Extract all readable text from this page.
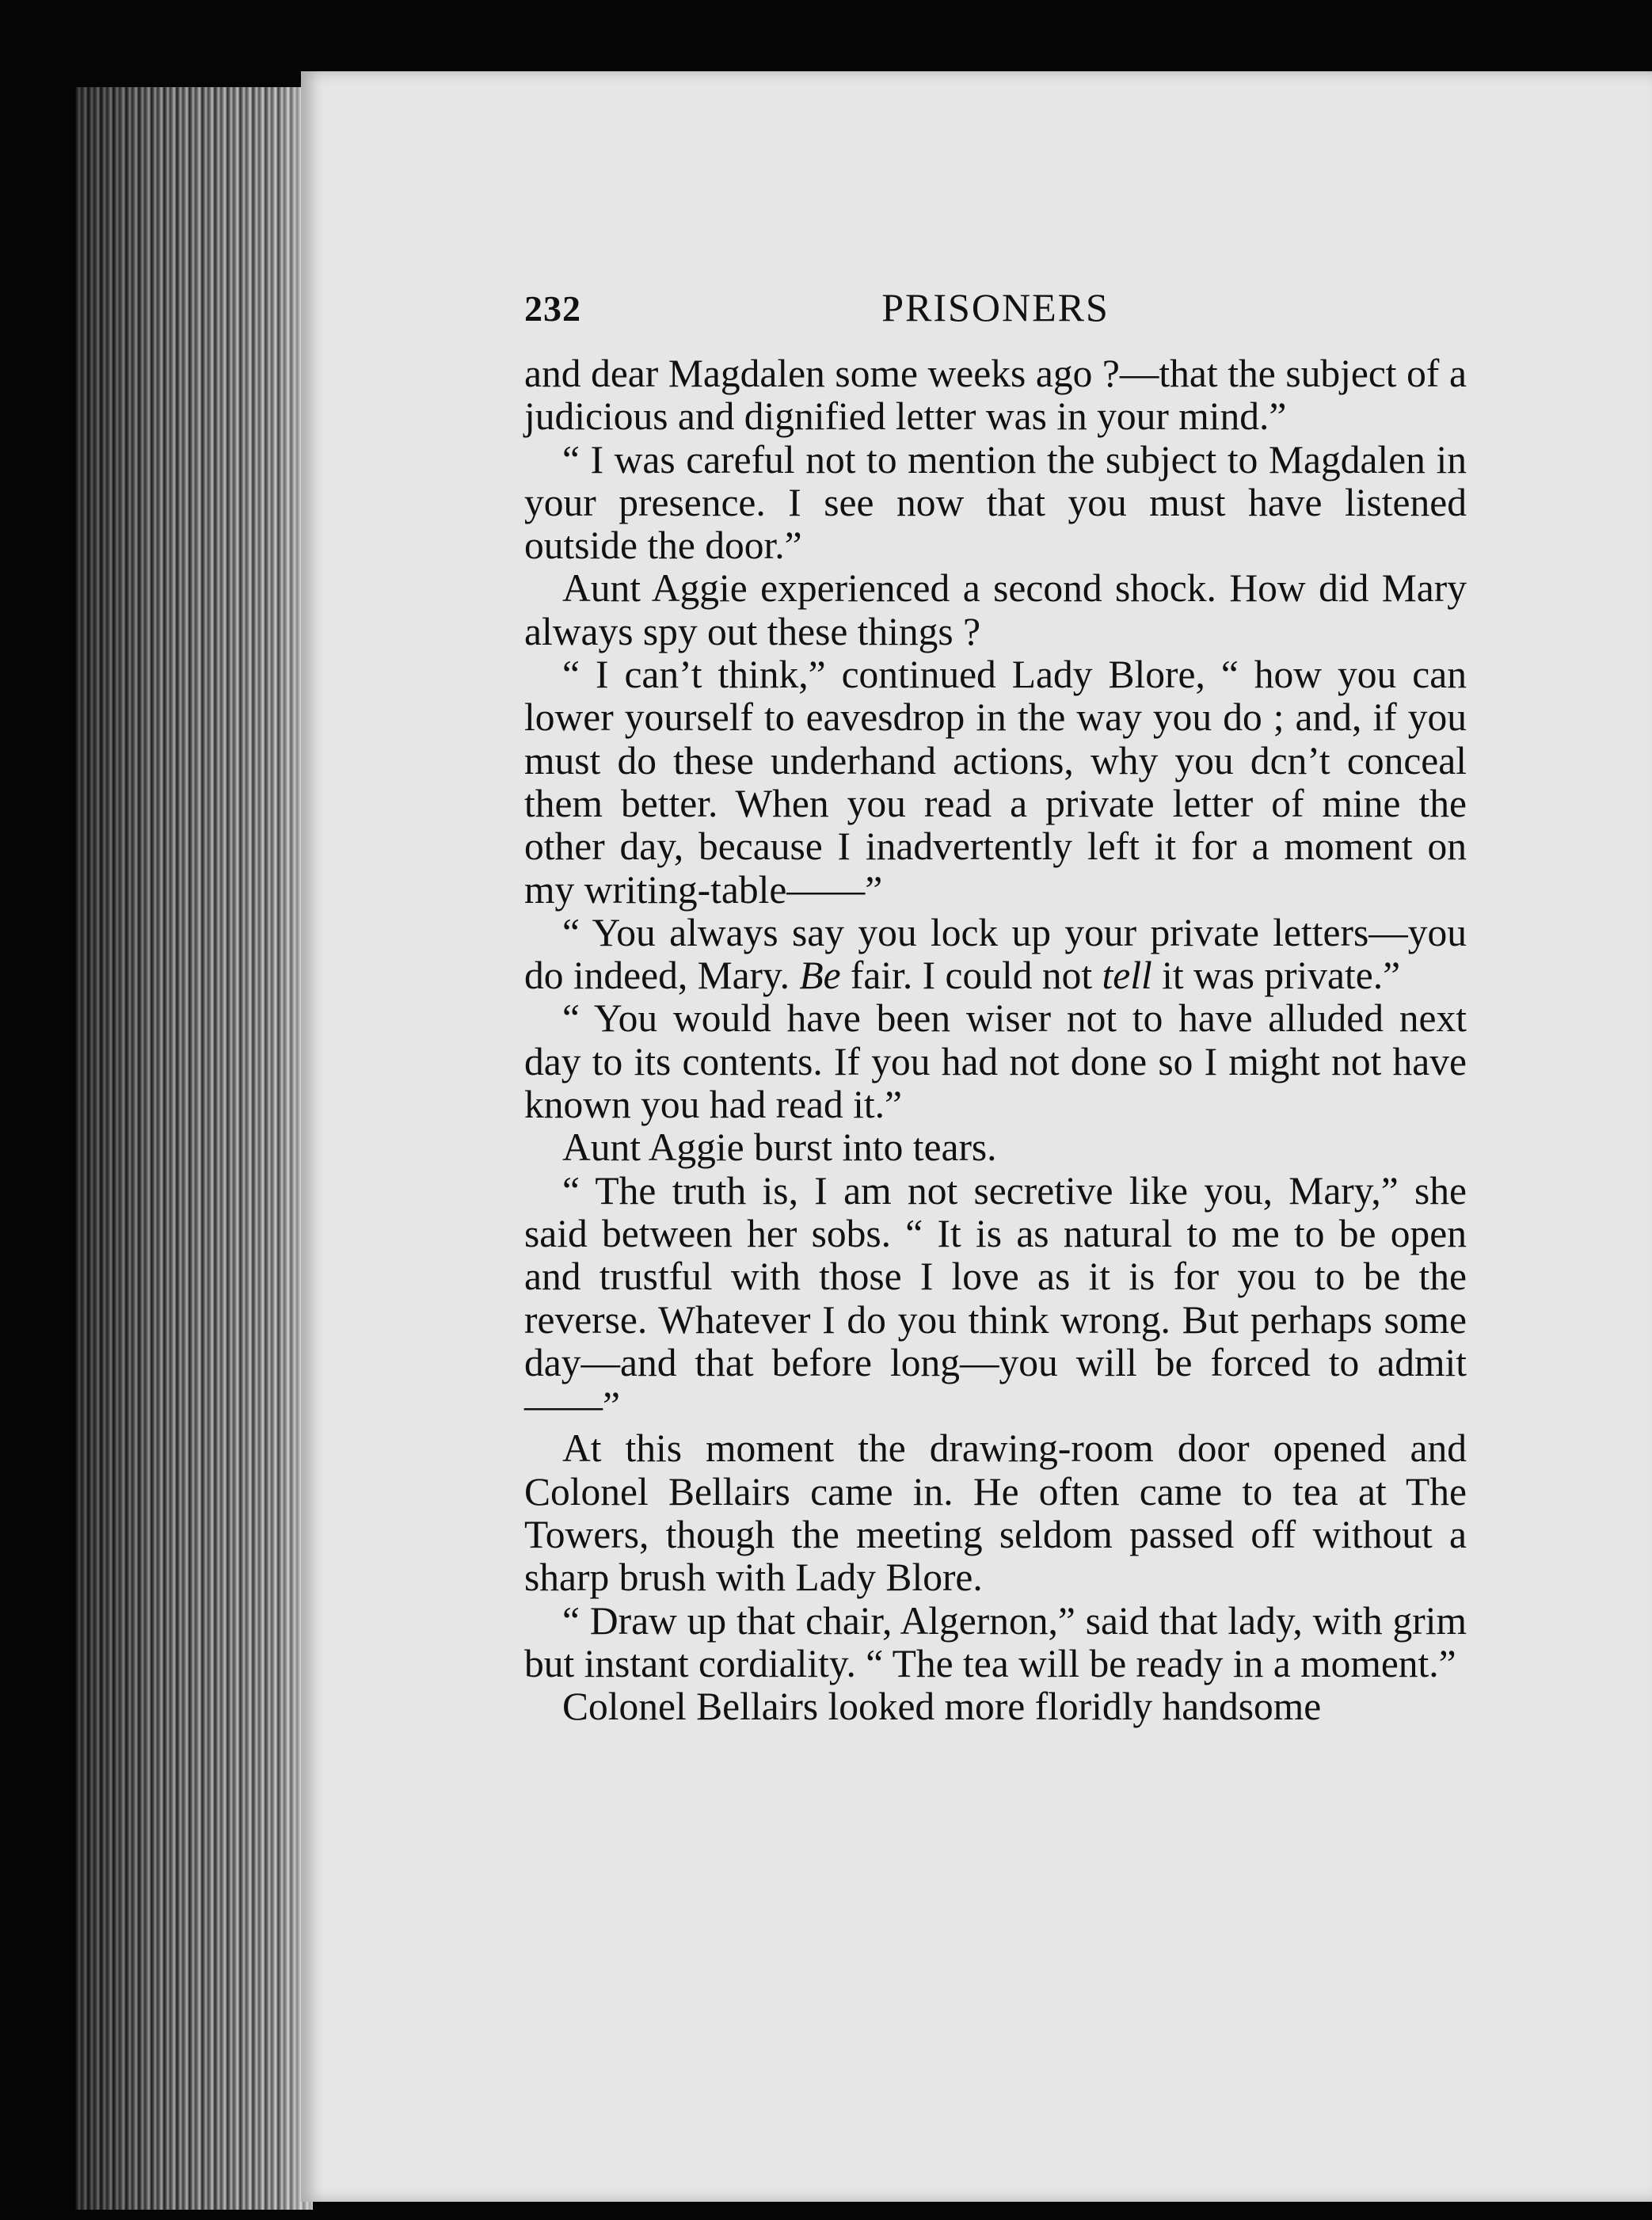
232	PRISONERS

and dear Magdalen some weeks ago ?—that the subject of a judicious and dignified letter was in your mind.”

“ I was careful not to mention the subject to Magdalen in your presence. I see now that you must have listened outside the door.”

Aunt Aggie experienced a second shock. How did Mary always spy out these things ?

“ I can’t think,” continued Lady Blore, “ how you can lower yourself to eavesdrop in the way you do ; and, if you must do these underhand actions, why you dcn’t conceal them better. When you read a private letter of mine the other day, because I inadvertently left it for a moment on my writing-table——”

“ You always say you lock up your private letters—you do indeed, Mary. Be fair. I could not tell it was private.”

“ You would have been wiser not to have alluded next day to its contents. If you had not done so I might not have known you had read it.”

Aunt Aggie burst into tears.

“ The truth is, I am not secretive like you, Mary,” she said between her sobs. “ It is as natural to me to be open and trustful with those I love as it is for you to be the reverse. Whatever I do you think wrong. But perhaps some day—and that before long—you will be forced to admit——”

At this moment the drawing-room door opened and Colonel Bellairs came in. He often came to tea at The Towers, though the meeting seldom passed off without a sharp brush with Lady Blore.

“ Draw up that chair, Algernon,” said that lady, with grim but instant cordiality. “ The tea will be ready in a moment.”

Colonel Bellairs looked more floridly handsome
